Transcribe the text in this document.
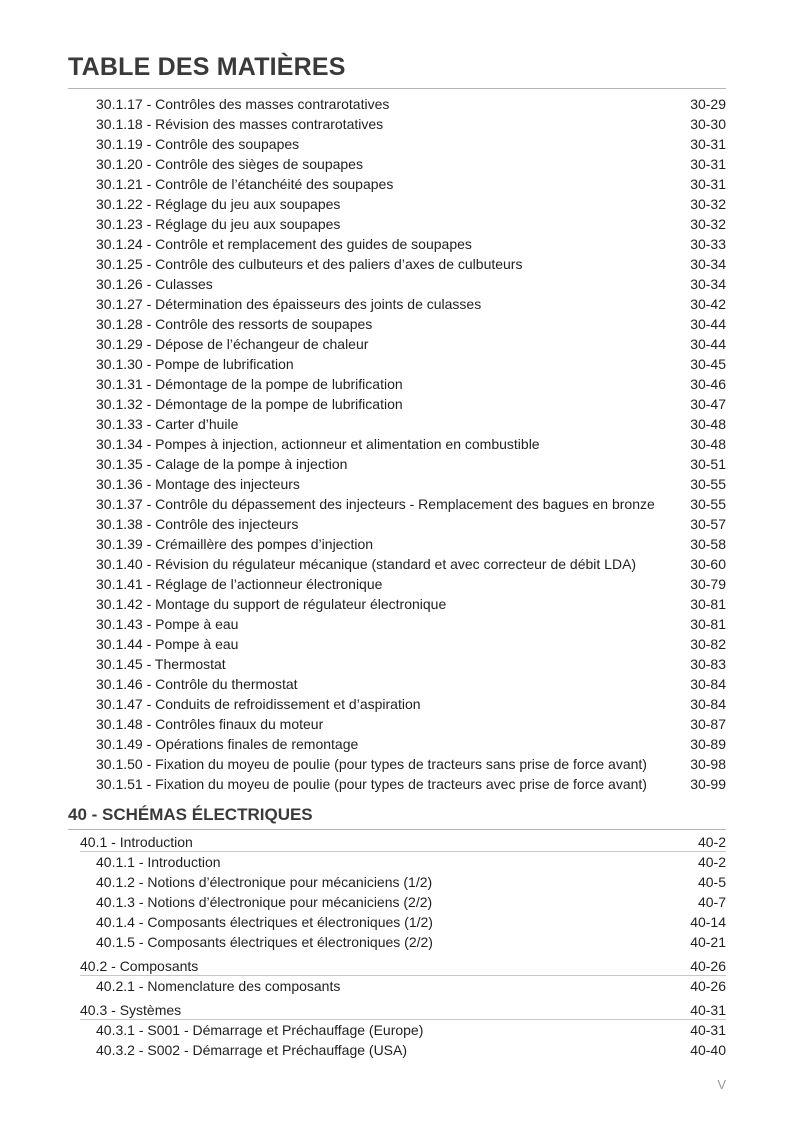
TABLE DES MATIÈRES
30.1.17 - Contrôles des masses contrarotatives	30-29
30.1.18 - Révision des masses contrarotatives	30-30
30.1.19 - Contrôle des soupapes	30-31
30.1.20 - Contrôle des sièges de soupapes	30-31
30.1.21 - Contrôle de l’étanchéité des soupapes	30-31
30.1.22 - Réglage du jeu aux soupapes	30-32
30.1.23 - Réglage du jeu aux soupapes	30-32
30.1.24 - Contrôle et remplacement des guides de soupapes	30-33
30.1.25 - Contrôle des culbuteurs et des paliers d’axes de culbuteurs	30-34
30.1.26 - Culasses	30-34
30.1.27 - Détermination des épaisseurs des joints de culasses	30-42
30.1.28 - Contrôle des ressorts de soupapes	30-44
30.1.29 - Dépose de l’échangeur de chaleur	30-44
30.1.30 - Pompe de lubrification	30-45
30.1.31 - Démontage de la pompe de lubrification	30-46
30.1.32 - Démontage de la pompe de lubrification	30-47
30.1.33 - Carter d’huile	30-48
30.1.34 - Pompes à injection, actionneur et alimentation en combustible	30-48
30.1.35 - Calage de la pompe à injection	30-51
30.1.36 - Montage des injecteurs	30-55
30.1.37 - Contrôle du dépassement des injecteurs - Remplacement des bagues en bronze	30-55
30.1.38 - Contrôle des injecteurs	30-57
30.1.39 - Crémaillère des pompes d’injection	30-58
30.1.40 - Révision du régulateur mécanique (standard et avec correcteur de débit LDA)	30-60
30.1.41 - Réglage de l’actionneur électronique	30-79
30.1.42 - Montage du support de régulateur électronique	30-81
30.1.43 - Pompe à eau	30-81
30.1.44 - Pompe à eau	30-82
30.1.45 - Thermostat	30-83
30.1.46 - Contrôle du thermostat	30-84
30.1.47 - Conduits de refroidissement et d’aspiration	30-84
30.1.48 - Contrôles finaux du moteur	30-87
30.1.49 - Opérations finales de remontage	30-89
30.1.50 - Fixation du moyeu de poulie (pour types de tracteurs sans prise de force avant)	30-98
30.1.51 - Fixation du moyeu de poulie (pour types de tracteurs avec prise de force avant)	30-99
40 - SCHÉMAS ÉLECTRIQUES
40.1 - Introduction	40-2
40.1.1 - Introduction	40-2
40.1.2 - Notions d’électronique pour mécaniciens (1/2)	40-5
40.1.3 - Notions d’électronique pour mécaniciens (2/2)	40-7
40.1.4 - Composants électriques et électroniques (1/2)	40-14
40.1.5 - Composants électriques et électroniques (2/2)	40-21
40.2 - Composants	40-26
40.2.1 - Nomenclature des composants	40-26
40.3 - Systèmes	40-31
40.3.1 - S001 - Démarrage et Préchauffage (Europe)	40-31
40.3.2 - S002 - Démarrage et Préchauffage (USA)	40-40
V
